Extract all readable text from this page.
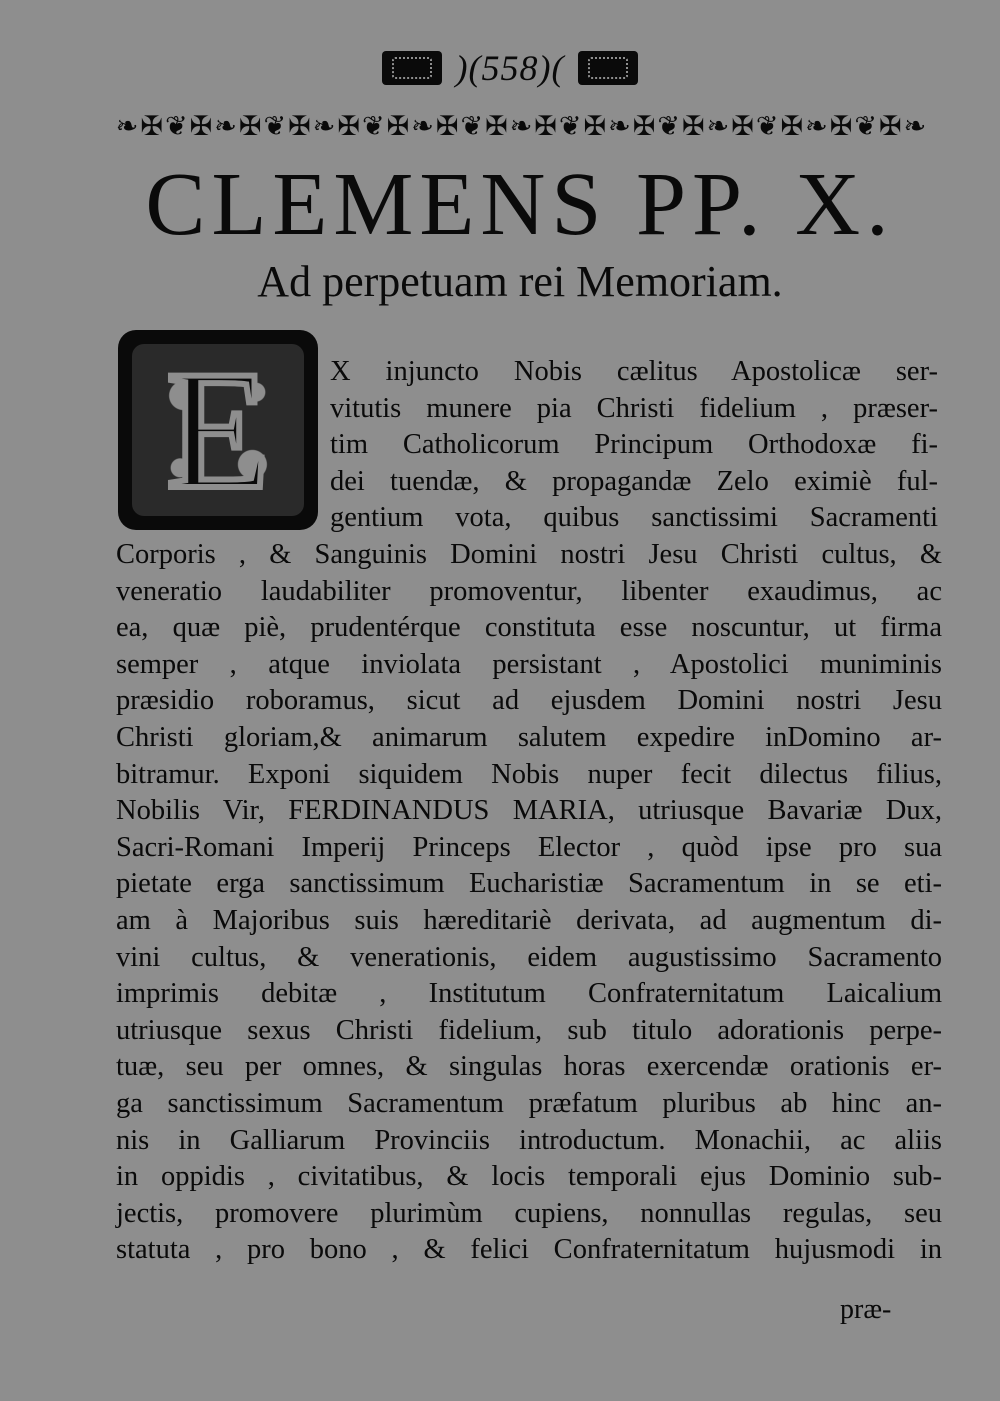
)(558)(
❧✠❦✠❧✠❦✠❧✠❦✠❧✠❦✠❧✠❦✠❧✠❦✠❧✠❦✠❧✠❦✠❧
CLEMENS PP. X.
Ad perpetuam rei Memoriam.
E	X injuncto Nobis cælitus Apostolicæ ser-
vitutis munere pia Christi fidelium , præser-
tim Catholicorum Principum Orthodoxæ fi-
dei tuendæ, & propagandæ Zelo eximiè ful-
gentium vota, quibus sanctissimi Sacramenti
Corporis , & Sanguinis Domini nostri Jesu Christi cultus, &
veneratio laudabiliter promoventur, libenter exaudimus, ac
ea, quæ piè, prudentérque constituta esse noscuntur, ut firma
semper , atque inviolata persistant , Apostolici muniminis
præsidio roboramus, sicut ad ejusdem Domini nostri Jesu
Christi gloriam,& animarum salutem expedire inDomino ar-
bitramur. Exponi siquidem Nobis nuper fecit dilectus filius,
Nobilis Vir, FERDINANDUS MARIA, utriusque Bavariæ Dux,
Sacri-Romani Imperij Princeps Elector , quòd ipse pro sua
pietate erga sanctissimum Eucharistiæ Sacramentum in se eti-
am à Majoribus suis hæreditariè derivata, ad augmentum di-
vini cultus, & venerationis, eidem augustissimo Sacramento
imprimis debitæ , Institutum Confraternitatum Laicalium
utriusque sexus Christi fidelium, sub titulo adorationis perpe-
tuæ, seu per omnes, & singulas horas exercendæ orationis er-
ga sanctissimum Sacramentum præfatum pluribus ab hinc an-
nis in Galliarum Provinciis introductum. Monachii, ac aliis
in oppidis , civitatibus, & locis temporali ejus Dominio sub-
jectis, promovere plurimùm cupiens, nonnullas regulas, seu
statuta , pro bono , & felici Confraternitatum hujusmodi in
præ-
